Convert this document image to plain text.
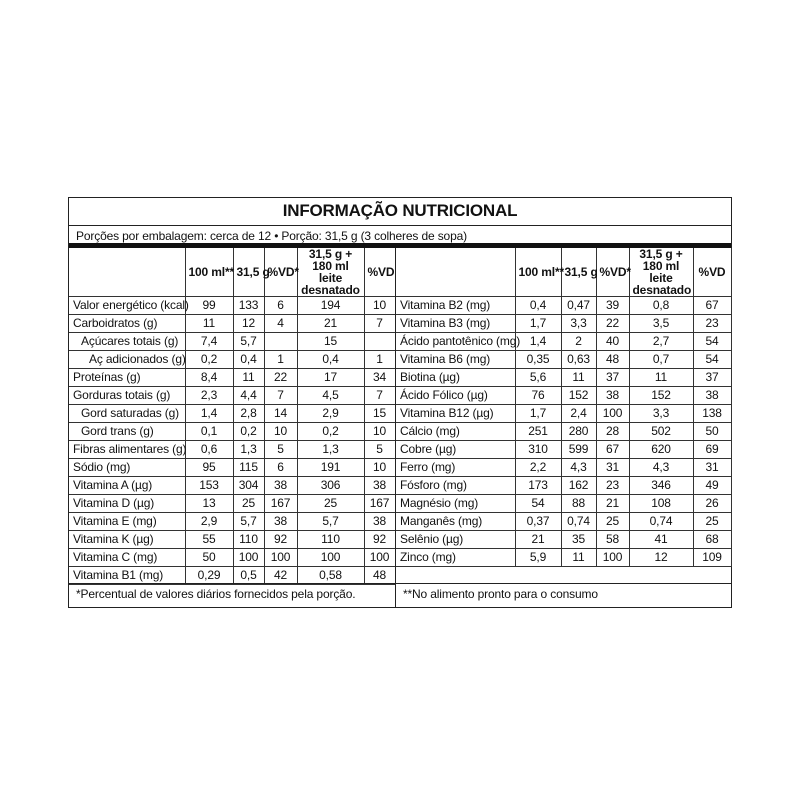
INFORMAÇÃO NUTRICIONAL
Porções por embalagem: cerca de 12 • Porção: 31,5 g (3 colheres de sopa)
	100 ml**	31,5 g	%VD*	31,5 g + 180 ml leite desnatado	%VD
Valor energético (kcal)	99	133	6	194	10
Carboidratos (g)	11	12	4	21	7
Açúcares totais (g)	7,4	5,7		15	
Aç adicionados (g)	0,2	0,4	1	0,4	1
Proteínas (g)	8,4	11	22	17	34
Gorduras totais (g)	2,3	4,4	7	4,5	7
Gord saturadas (g)	1,4	2,8	14	2,9	15
Gord trans (g)	0,1	0,2	10	0,2	10
Fibras alimentares (g)	0,6	1,3	5	1,3	5
Sódio (mg)	95	115	6	191	10
Vitamina A (µg)	153	304	38	306	38
Vitamina D (µg)	13	25	167	25	167
Vitamina E (mg)	2,9	5,7	38	5,7	38
Vitamina K (µg)	55	110	92	110	92
Vitamina C (mg)	50	100	100	100	100
Vitamina B1 (mg)	0,29	0,5	42	0,58	48
	100 ml**	31,5 g	%VD*	31,5 g + 180 ml leite desnatado	%VD
Vitamina B2 (mg)	0,4	0,47	39	0,8	67
Vitamina B3 (mg)	1,7	3,3	22	3,5	23
Ácido pantotênico (mg)	1,4	2	40	2,7	54
Vitamina B6 (mg)	0,35	0,63	48	0,7	54
Biotina (µg)	5,6	11	37	11	37
Ácido Fólico (µg)	76	152	38	152	38
Vitamina B12 (µg)	1,7	2,4	100	3,3	138
Cálcio (mg)	251	280	28	502	50
Cobre (µg)	310	599	67	620	69
Ferro (mg)	2,2	4,3	31	4,3	31
Fósforo (mg)	173	162	23	346	49
Magnésio (mg)	54	88	21	108	26
Manganês (mg)	0,37	0,74	25	0,74	25
Selênio (µg)	21	35	58	41	68
Zinco (mg)	5,9	11	100	12	109
*Percentual de valores diários fornecidos pela porção.	**No alimento pronto para o consumo
